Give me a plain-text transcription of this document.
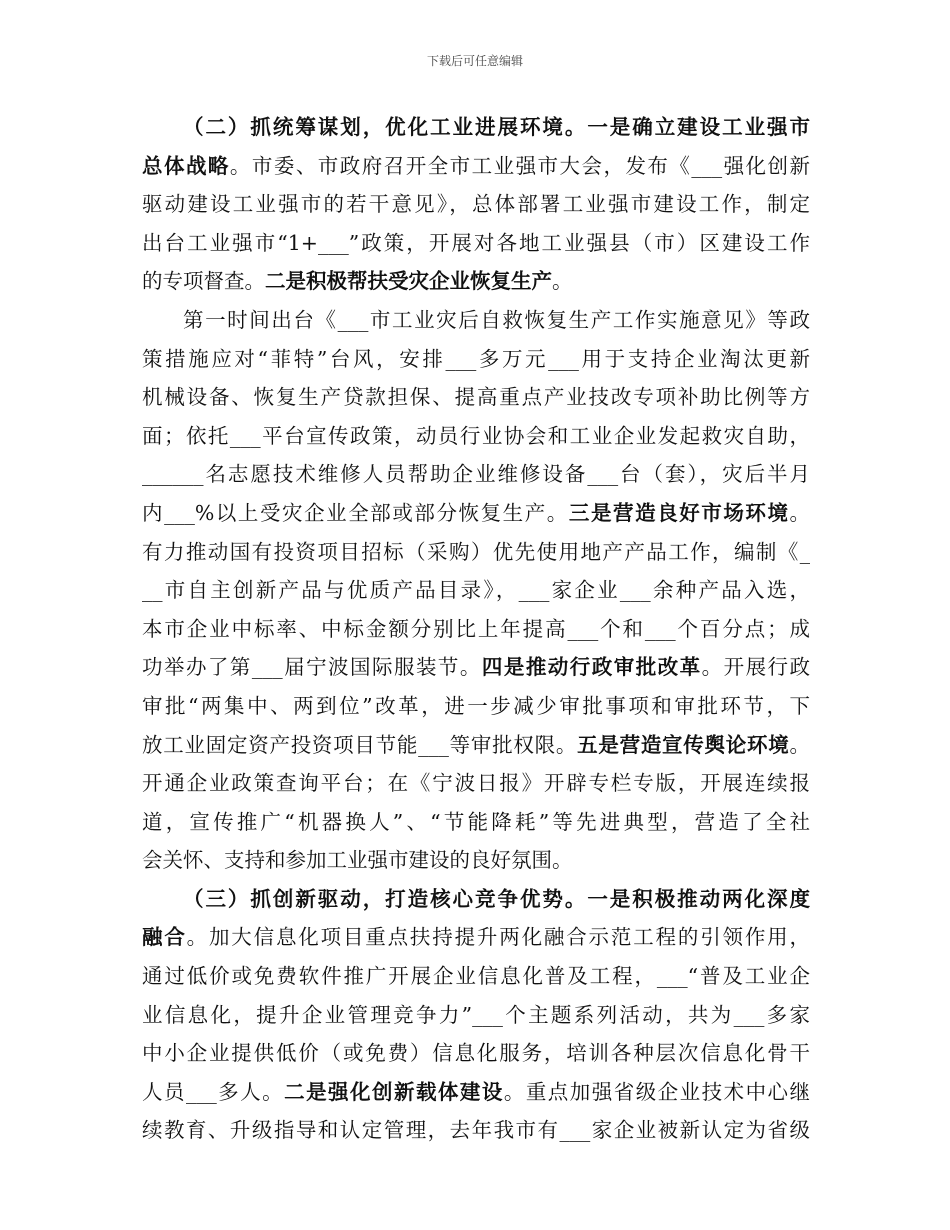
下载后可任意编辑
（二）抓统筹谋划，优化工业进展环境。一是确立建设工业强市
总体战略。市委、市政府召开全市工业强市大会，发布《___强化创新
驱动建设工业强市的若干意见》，总体部署工业强市建设工作，制定
出台工业强市“1+___”政策，开展对各地工业强县（市）区建设工作
的专项督查。二是积极帮扶受灾企业恢复生产。
第一时间出台《___市工业灾后自救恢复生产工作实施意见》等政
策措施应对“菲特”台风，安排___多万元___用于支持企业淘汰更新
机械设备、恢复生产贷款担保、提高重点产业技改专项补助比例等方
面；依托___平台宣传政策，动员行业协会和工业企业发起救灾自助，
______名志愿技术维修人员帮助企业维修设备___台（套），灾后半月
内___%以上受灾企业全部或部分恢复生产。三是营造良好市场环境。
有力推动国有投资项目招标（采购）优先使用地产产品工作，编制《_
__市自主创新产品与优质产品目录》，___家企业___余种产品入选，
本市企业中标率、中标金额分别比上年提高___个和___个百分点；成
功举办了第___届宁波国际服装节。四是推动行政审批改革。开展行政
审批“两集中、两到位”改革，进一步减少审批事项和审批环节，下
放工业固定资产投资项目节能___等审批权限。五是营造宣传舆论环境。
开通企业政策查询平台；在《宁波日报》开辟专栏专版，开展连续报
道，宣传推广“机器换人”、“节能降耗”等先进典型，营造了全社
会关怀、支持和参加工业强市建设的良好氛围。
（三）抓创新驱动，打造核心竞争优势。一是积极推动两化深度
融合。加大信息化项目重点扶持提升两化融合示范工程的引领作用，
通过低价或免费软件推广开展企业信息化普及工程，___“普及工业企
业信息化，提升企业管理竞争力”___个主题系列活动，共为___多家
中小企业提供低价（或免费）信息化服务，培训各种层次信息化骨干
人员___多人。二是强化创新载体建设。重点加强省级企业技术中心继
续教育、升级指导和认定管理，去年我市有___家企业被新认定为省级
